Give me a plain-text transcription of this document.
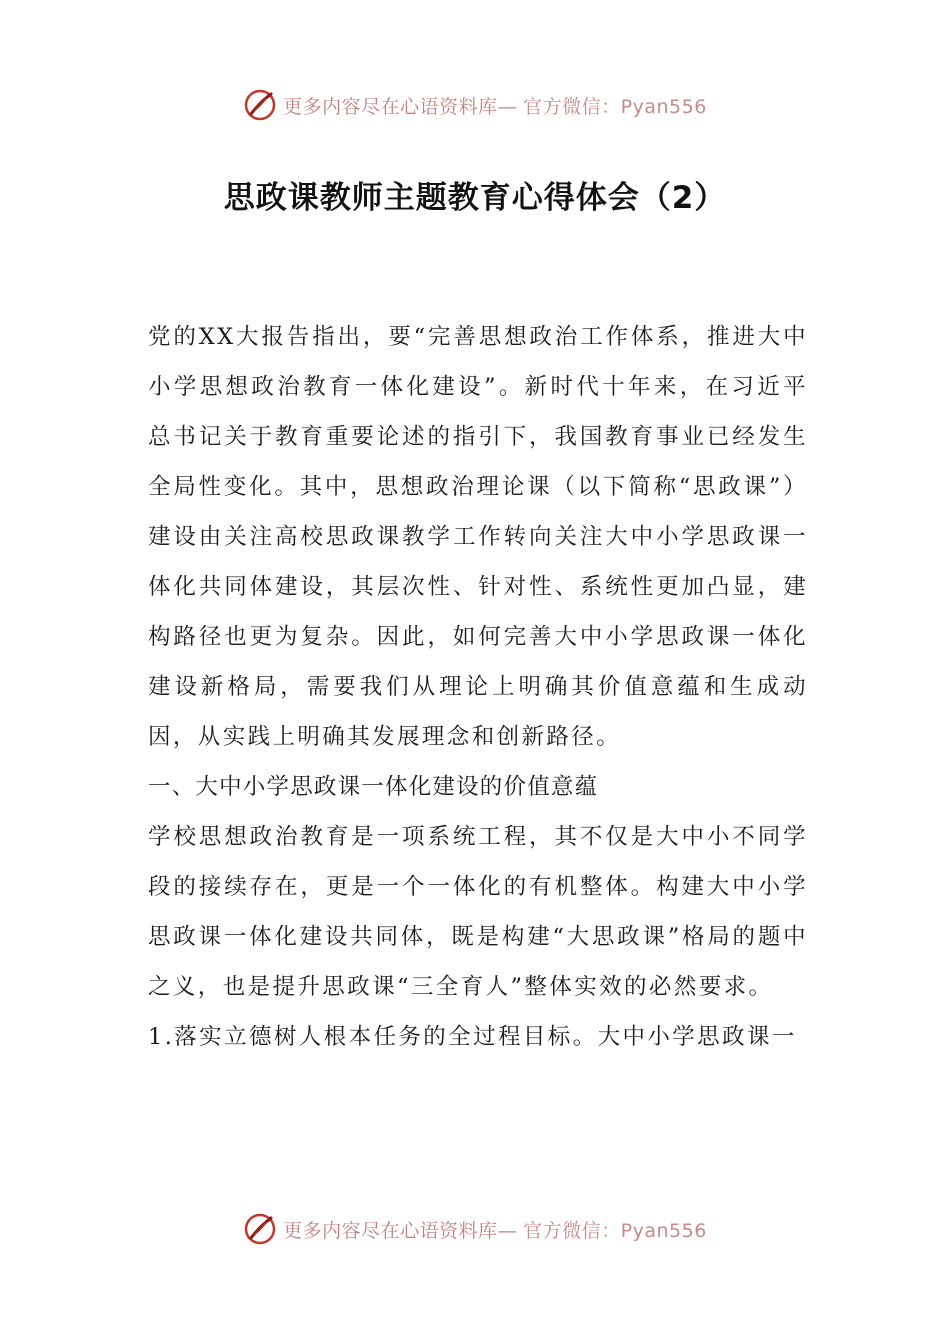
更多内容尽在心语资料库— 官方微信：Pyan556
思政课教师主题教育心得体会（2）

党的XX大报告指出，要“完善思想政治工作体系，推进大中小学思想政治教育一体化建设”。新时代十年来，在习近平总书记关于教育重要论述的指引下，我国教育事业已经发生全局性变化。其中，思想政治理论课（以下简称“思政课”）建设由关注高校思政课教学工作转向关注大中小学思政课一体化共同体建设，其层次性、针对性、系统性更加凸显，建构路径也更为复杂。因此，如何完善大中小学思政课一体化建设新格局，需要我们从理论上明确其价值意蕴和生成动因，从实践上明确其发展理念和创新路径。

一、大中小学思政课一体化建设的价值意蕴

学校思想政治教育是一项系统工程，其不仅是大中小不同学段的接续存在，更是一个一体化的有机整体。构建大中小学思政课一体化建设共同体，既是构建“大思政课”格局的题中之义，也是提升思政课“三全育人”整体实效的必然要求。

1.落实立德树人根本任务的全过程目标。大中小学思政课一

更多内容尽在心语资料库— 官方微信：Pyan556
